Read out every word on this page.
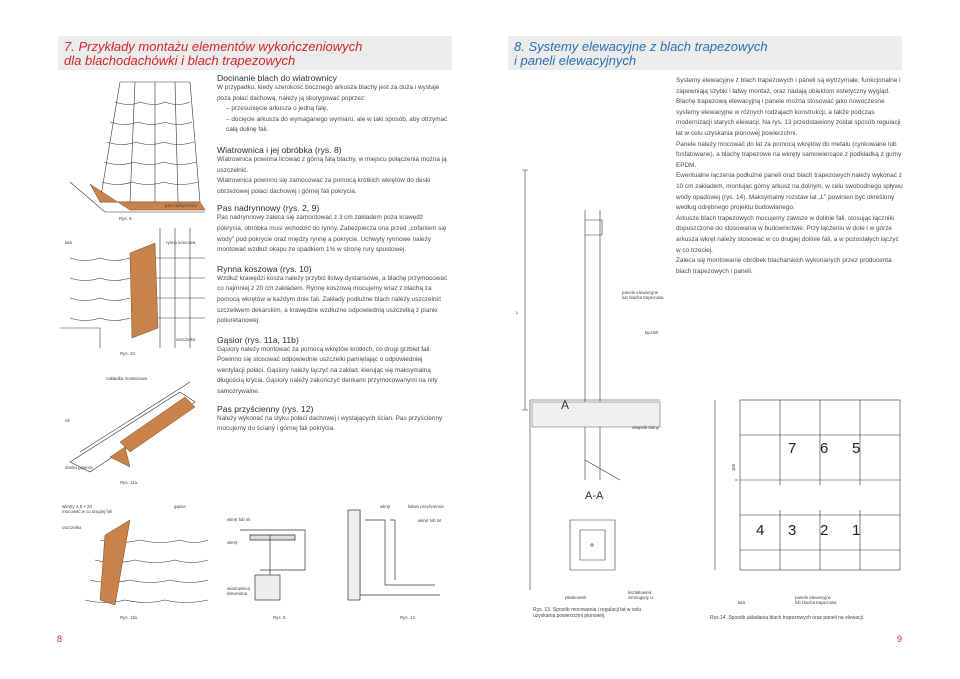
7. Przykłady montażu elementów wykończeniowych
dla blachodachówki i blach trapezowych
8. Systemy elewacyjne z blach trapezowych
i paneli elewacyjnych
Docinanie blach do wiatrownicy
W przypadku, kiedy szerokość bocznego arkusza blachy jest za duża i wystaje poza połać dachową, należy ją skorygować poprzez:
– przesunięcie arkusza o jedną falę,
– docięcie arkusza do wymaganego wymiaru, ale w taki sposób, aby otrzymać całą dolinę fali.
Wiatrownica i jej obróbka (rys. 8)
Wiatrownica powinna licować z górną falą blachy, w miejscu połączenia można ją uszczelnić.
Wiatrownica powinno się zamocować za pomocą krótkich wkrętów do deski obrzeżowej połaci dachowej i górnej fali pokrycia.
Pas nadrynnowy (rys. 2, 9)
Pas nadrynnowy zaleca się zamontować z 3 cm zakładem poza krawędź pokrycia, obróbka musi wchodzić do rynny. Zabezpiecza ona przed „cofaniem się wody" pod pokrycie oraz między rynnę a pokrycie. Uchwyty rynnowe należy montować wzdłuż okapu ze spadkiem 1% w stronę rury spustowej.
Rynna koszowa (rys. 10)
Wzdłuż krawędzi kosza należy przybić listwy dystansowe, a blachę przymocować co najmniej z 20 cm zakładem. Rynnę koszową mocujemy wraz z blachą za pomocą wkrętów w każdym dnie fali. Zakłady podłużne blach należy uszczelnić szczeliwem dekarskim, a krawędzie wzdłużne odpowiednią uszczelką z pianki poliuretanowej.
Gąsior (rys. 11a, 11b)
Gąsiory należy montować za pomocą wkrętów krótkich, co drugi grzbiet fali. Powinno się stosować odpowiednie uszczelki pamiętając o odpowiedniej wentylacji połaci. Gąsiory należy łączyć na zakład, kierując się maksymalną długością krycia. Gąsiory należy zakończyć denkami przymocowanymi na nity samozrywalne.
Pas przyścienny (rys. 12)
Należy wykonać na styku połaci dachowej i wystających ścian. Pas przyścienny mocujemy do ściany i górnej fali pokrycia.
Systemy elewacyjne z blach trapezowych i paneli są wytrzymałe, funkcjonalne i zapewniają szybki i łatwy montaż, oraz nadają obiektom estetyczny wygląd.
Blachę trapezową elewacyjną i panele można stosować jako nowoczesne systemy elewacyjne w różnych rodzajach konstrukcji, a także podczas modernizacji starych elewacji. Na rys. 13 przedstawiony został sposób regulacji łat w celu uzyskania pionowej powierzchni.
Panele należy mocować do łat za pomocą wkrętów do metalu (cynkowane lub fosfatowane), a blachy trapezowe na wkręty samowiercące z podkładką z gumy EPDM.
Ewentualne łączenia podłużne paneli oraz blach trapezowych należy wykonać z 10 cm zakładem, montując górny arkusz na dolnym, w celu swobodnego spływu wody opadowej (rys. 14). Maksymalny rozstaw łat „L" powinien być określony według odrębnego projektu budowlanego.
Arkusze blach trapezowych mocujemy zawsze w dolinie fali, stosując łączniki dopuszczone do stosowania w budownictwie. Przy łączeniu w dole i w górze arkusza wkręt należy stosować w co drugiej dolinie fali, a w pozostałych łączyć w co trzeciej.
Zaleca się montowanie obróbek blacharskich wykonanych przez producenta blach trapezowych i paneli.
Rys. 9.
pas nadrynnowy
łata	rynna koszowa
uszczelka
Rys. 10.
zakładka montażowa
nit
denko gąsiora
Rys. 11a.
wkręty 4,8 × 20
mocować w co drugiej fali
gąsior
uszczelka
Rys. 11b.
wkręt lub nit
wkręt
wiatrownica
drewniana
Rys. 8.
wkręt	listwa przyścienna
wkręt lub nit
Rys. 12.
8
panele elewacyjne
lub blacha trapezowa
łącznik
L
A
okapnik dolny
A-A
płaskownik
kształtownik
zimnogięty U
Rys. 13. Sposób mocowania i regulacji łat w celu
uzyskania powierzchni pionowej.
100
7 6 5
4 3 2 1
łata
panele elewacyjne
lub blacha trapezowa
Rys.14. Sposób układania blach trapezowych oraz paneli na elewacji.
9
